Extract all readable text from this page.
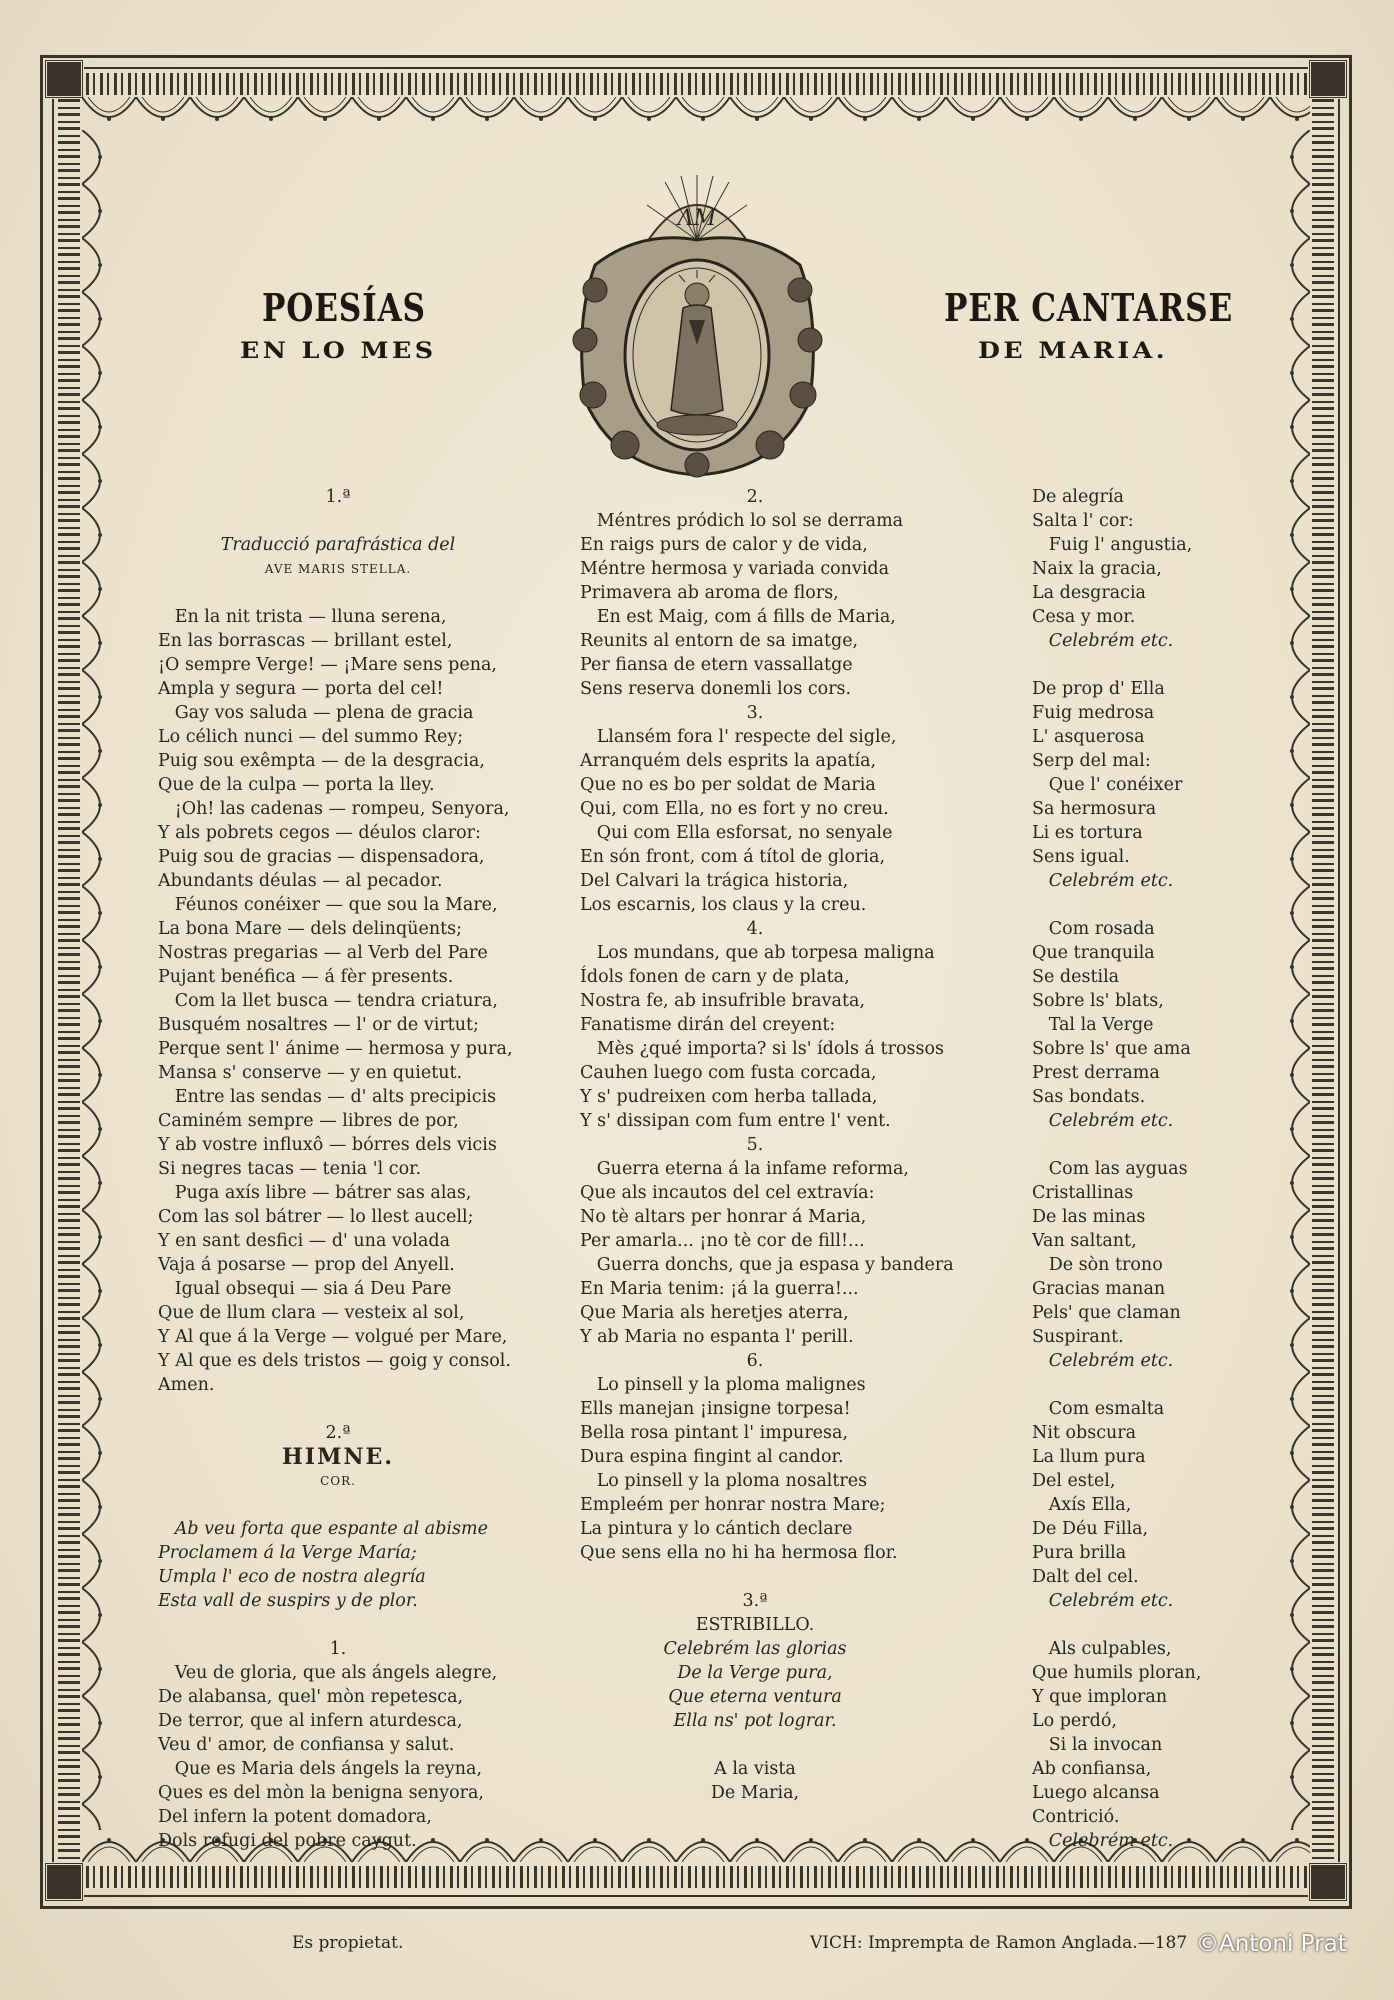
POESÍAS
EN LO MES
PER CANTARSE
DE MARIA.
ΛM
1.ª
Traducció parafrástica del
AVE MARIS STELLA.
En la nit trista — lluna serena,
En las borrascas — brillant estel,
¡O sempre Verge! — ¡Mare sens pena,
Ampla y segura — porta del cel!
Gay vos saluda — plena de gracia
Lo célich nunci — del summo Rey;
Puig sou exêmpta — de la desgracia,
Que de la culpa — porta la lley.
¡Oh! las cadenas — rompeu, Senyora,
Y als pobrets cegos — déulos claror:
Puig sou de gracias — dispensadora,
Abundants déulas — al pecador.
Féunos conéixer — que sou la Mare,
La bona Mare — dels delinqüents;
Nostras pregarias — al Verb del Pare
Pujant benéfica — á fèr presents.
Com la llet busca — tendra criatura,
Busquém nosaltres — l' or de virtut;
Perque sent l' ánime — hermosa y pura,
Mansa s' conserve — y en quietut.
Entre las sendas — d' alts precipicis
Caminém sempre — libres de por,
Y ab vostre influxô — bórres dels vicis
Si negres tacas — tenia 'l cor.
Puga axís libre — bátrer sas alas,
Com las sol bátrer — lo llest aucell;
Y en sant desfici — d' una volada
Vaja á posarse — prop del Anyell.
Igual obsequi — sia á Deu Pare
Que de llum clara — vesteix al sol,
Y Al que á la Verge — volgué per Mare,
Y Al que es dels tristos — goig y consol.
Amen.
2.ª
HIMNE.
COR.
Ab veu forta que espante al abisme
Proclamem á la Verge María;
Umpla l' eco de nostra alegría
Esta vall de suspirs y de plor.
1.
Veu de gloria, que als ángels alegre,
De alabansa, quel' mòn repetesca,
De terror, que al infern aturdesca,
Veu d' amor, de confiansa y salut.
Que es Maria dels ángels la reyna,
Ques es del mòn la benigna senyora,
Del infern la potent domadora,
Dols refugi del pobre caygut.
2.
Méntres pródich lo sol se derrama
En raigs purs de calor y de vida,
Méntre hermosa y variada convida
Primavera ab aroma de flors,
En est Maig, com á fills de Maria,
Reunits al entorn de sa imatge,
Per fiansa de etern vassallatge
Sens reserva donemli los cors.
3.
Llansém fora l' respecte del sigle,
Arranquém dels esprits la apatía,
Que no es bo per soldat de Maria
Qui, com Ella, no es fort y no creu.
Qui com Ella esforsat, no senyale
En són front, com á títol de gloria,
Del Calvari la trágica historia,
Los escarnis, los claus y la creu.
4.
Los mundans, que ab torpesa maligna
Ídols fonen de carn y de plata,
Nostra fe, ab insufrible bravata,
Fanatisme dirán del creyent:
Mès ¿qué importa? si ls' ídols á trossos
Cauhen luego com fusta corcada,
Y s' pudreixen com herba tallada,
Y s' dissipan com fum entre l' vent.
5.
Guerra eterna á la infame reforma,
Que als incautos del cel extravía:
No tè altars per honrar á Maria,
Per amarla... ¡no tè cor de fill!...
Guerra donchs, que ja espasa y bandera
En Maria tenim: ¡á la guerra!...
Que Maria als heretjes aterra,
Y ab Maria no espanta l' perill.
6.
Lo pinsell y la ploma malignes
Ells manejan ¡insigne torpesa!
Bella rosa pintant l' impuresa,
Dura espina fingint al candor.
Lo pinsell y la ploma nosaltres
Empleém per honrar nostra Mare;
La pintura y lo cántich declare
Que sens ella no hi ha hermosa flor.
3.ª
ESTRIBILLO.
Celebrém las glorias
De la Verge pura,
Que eterna ventura
Ella ns' pot lograr.
A la vista
De Maria,
De alegría
Salta l' cor:
Fuig l' angustia,
Naix la gracia,
La desgracia
Cesa y mor.
Celebrém etc.
De prop d' Ella
Fuig medrosa
L' asquerosa
Serp del mal:
Que l' conéixer
Sa hermosura
Li es tortura
Sens igual.
Celebrém etc.
Com rosada
Que tranquila
Se destila
Sobre ls' blats,
Tal la Verge
Sobre ls' que ama
Prest derrama
Sas bondats.
Celebrém etc.
Com las ayguas
Cristallinas
De las minas
Van saltant,
De sòn trono
Gracias manan
Pels' que claman
Suspirant.
Celebrém etc.
Com esmalta
Nit obscura
La llum pura
Del estel,
Axís Ella,
De Déu Filla,
Pura brilla
Dalt del cel.
Celebrém etc.
Als culpables,
Que humils ploran,
Y que imploran
Lo perdó,
Si la invocan
Ab confiansa,
Luego alcansa
Contrició.
Celebrém etc.
Es propietat.	VICH: Imprempta de Ramon Anglada.—187 ©Antoni Prat
